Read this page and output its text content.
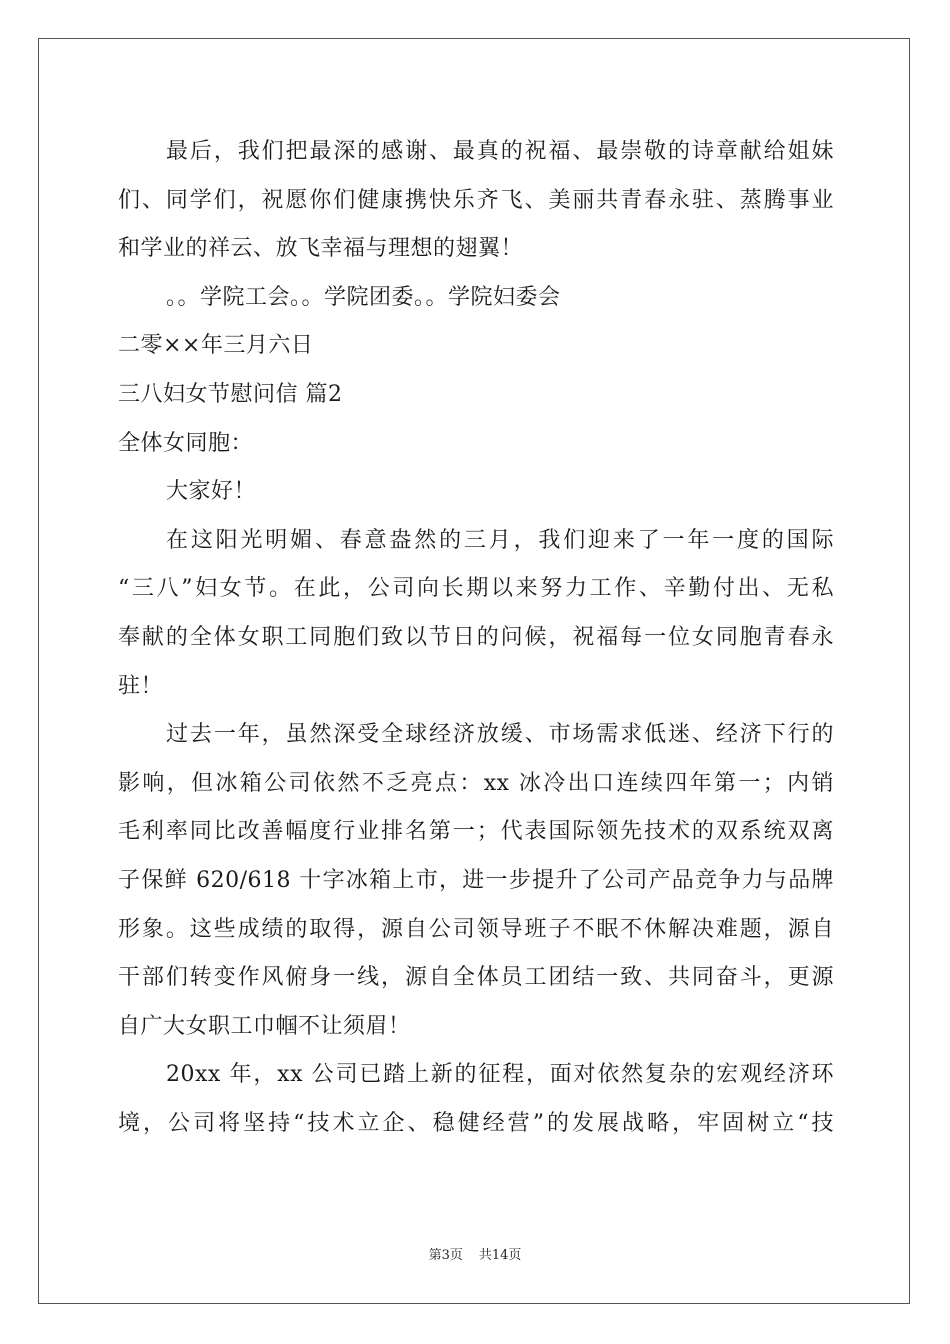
最后，我们把最深的感谢、最真的祝福、最崇敬的诗章献给姐妹
们、同学们，祝愿你们健康携快乐齐飞、美丽共青春永驻、蒸腾事业
和学业的祥云、放飞幸福与理想的翅翼！
。。学院工会。。学院团委。。学院妇委会
二零××年三月六日
三八妇女节慰问信 篇2
全体女同胞：
大家好！
在这阳光明媚、春意盎然的三月，我们迎来了一年一度的国际
“三八”妇女节。在此，公司向长期以来努力工作、辛勤付出、无私
奉献的全体女职工同胞们致以节日的问候，祝福每一位女同胞青春永
驻！
过去一年，虽然深受全球经济放缓、市场需求低迷、经济下行的
影响，但冰箱公司依然不乏亮点：xx 冰冷出口连续四年第一；内销
毛利率同比改善幅度行业排名第一；代表国际领先技术的双系统双离
子保鲜 620/618 十字冰箱上市，进一步提升了公司产品竞争力与品牌
形象。这些成绩的取得，源自公司领导班子不眠不休解决难题，源自
干部们转变作风俯身一线，源自全体员工团结一致、共同奋斗，更源
自广大女职工巾帼不让须眉！
20xx 年，xx 公司已踏上新的征程，面对依然复杂的宏观经济环
境，公司将坚持“技术立企、稳健经营”的发展战略，牢固树立“技
第3页 共14页
